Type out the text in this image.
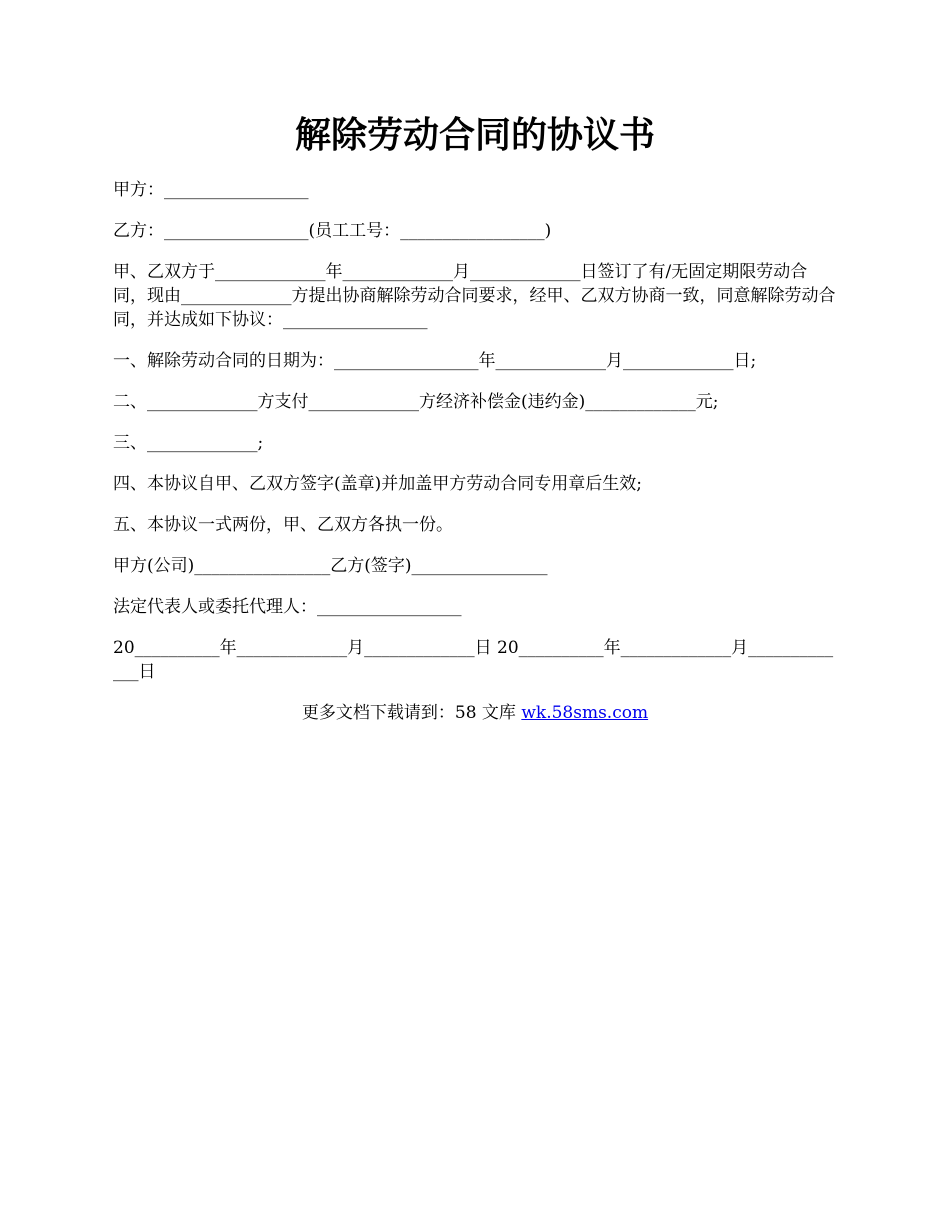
解除劳动合同的协议书

甲方：_________________

乙方：_________________(员工工号：_________________)

甲、乙双方于_____________年_____________月_____________日签订了有/无固定期限劳动合同，现由_____________方提出协商解除劳动合同要求，经甲、乙双方协商一致，同意解除劳动合同，并达成如下协议：_________________

一、解除劳动合同的日期为：_________________年_____________月_____________日;

二、_____________方支付_____________方经济补偿金(违约金)_____________元;

三、_____________;

四、本协议自甲、乙双方签字(盖章)并加盖甲方劳动合同专用章后生效;

五、本协议一式两份，甲、乙双方各执一份。

甲方(公司)________________乙方(签字)________________

法定代表人或委托代理人：_________________

20__________年_____________月_____________日 20__________年_____________月_____________日

更多文档下载请到：58 文库 wk.58sms.com
